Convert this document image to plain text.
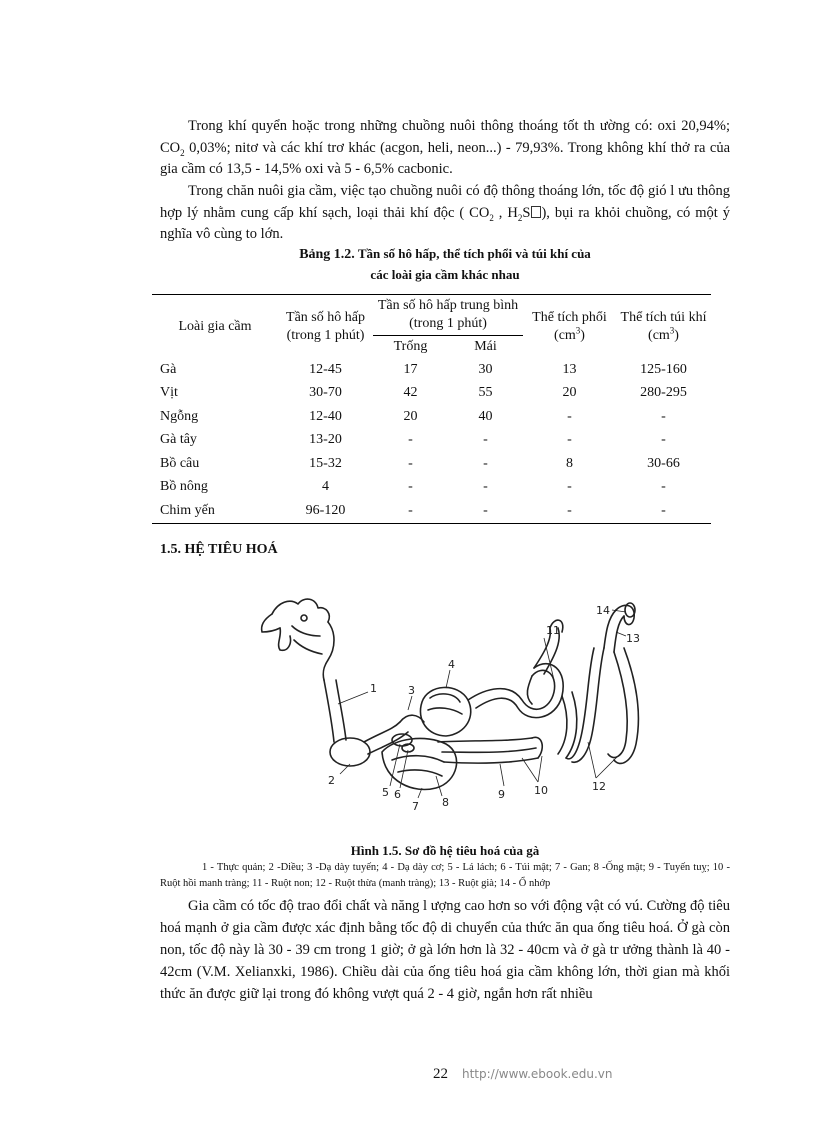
Trong khí quyển hoặc trong những chuồng nuôi thông thoáng tốt th ường có: oxi 20,94%; $CO_2$ 0,03%; nitơ và các khí trơ khác (acgon, heli, neon...) - 79,93%. Trong không khí thở ra của gia cầm có 13,5 - 14,5% oxi và 5 - 6,5% cacbonic.

Trong chăn nuôi gia cầm, việc tạo chuồng nuôi có độ thông thoáng lớn, tốc độ gió l ưu thông hợp lý nhằm cung cấp khí sạch, loại thải khí độc ( $CO_2$ , $H_2S$ ), bụi ra khỏi chuồng, có một ý nghĩa vô cùng to lớn.

Bảng 1.2. Tần số hô hấp, thể tích phổi và túi khí của
các loài gia cầm khác nhau
Loài gia cầm	Tần số hô hấp (trong 1 phút)	Tần số hô hấp trung bình (trong 1 phút)		Thể tích phổi $(cm^3)$	Thể tích túi khí $(cm^3)$
		Trống	Mái		
Gà	12-45	17	30	13	125-160
Vịt	30-70	42	55	20	280-295
Ngỗng	12-40	20	40	-	-
Gà tây	13-20	-	-	-	-
Bồ câu	15-32	-	-	8	30-66
Bồ nông	4	-	-	-	-
Chim yến	96-120	-	-	-	-
1.5. HỆ TIÊU HOÁ
1
2
3
4
5 6
7 8
9	10
11
12
13
14
Hình 1.5. Sơ đồ hệ tiêu hoá của gà

1 - Thực quản; 2 -Diều; 3 -Dạ dày tuyến; 4 - Dạ dày cơ; 5 - Lá lách; 6 - Túi mật; 7 - Gan; 8 -Ống mật; 9 - Tuyến tuỵ; 10 - Ruột hồi manh tràng; 11 - Ruột non; 12 - Ruột thừa (manh tràng); 13 - Ruột già; 14 - Ổ nhớp

Gia cầm có tốc độ trao đổi chất và năng l ượng cao hơn so với động vật có vú. Cường độ tiêu hoá mạnh ở gia cầm được xác định bằng tốc độ di chuyển của thức ăn qua ống tiêu hoá. Ở gà còn non, tốc độ này là 30 - 39 cm trong 1 giờ; ở gà lớn hơn là 32 - 40cm và ở gà tr ưởng thành là 40 - 42cm (V.M. Xelianxki, 1986). Chiều dài của ống tiêu hoá gia cầm không lớn, thời gian mà khối thức ăn được giữ lại trong đó không vượt quá 2 - 4 giờ, ngắn hơn rất nhiều

22 http://www.ebook.edu.vn
